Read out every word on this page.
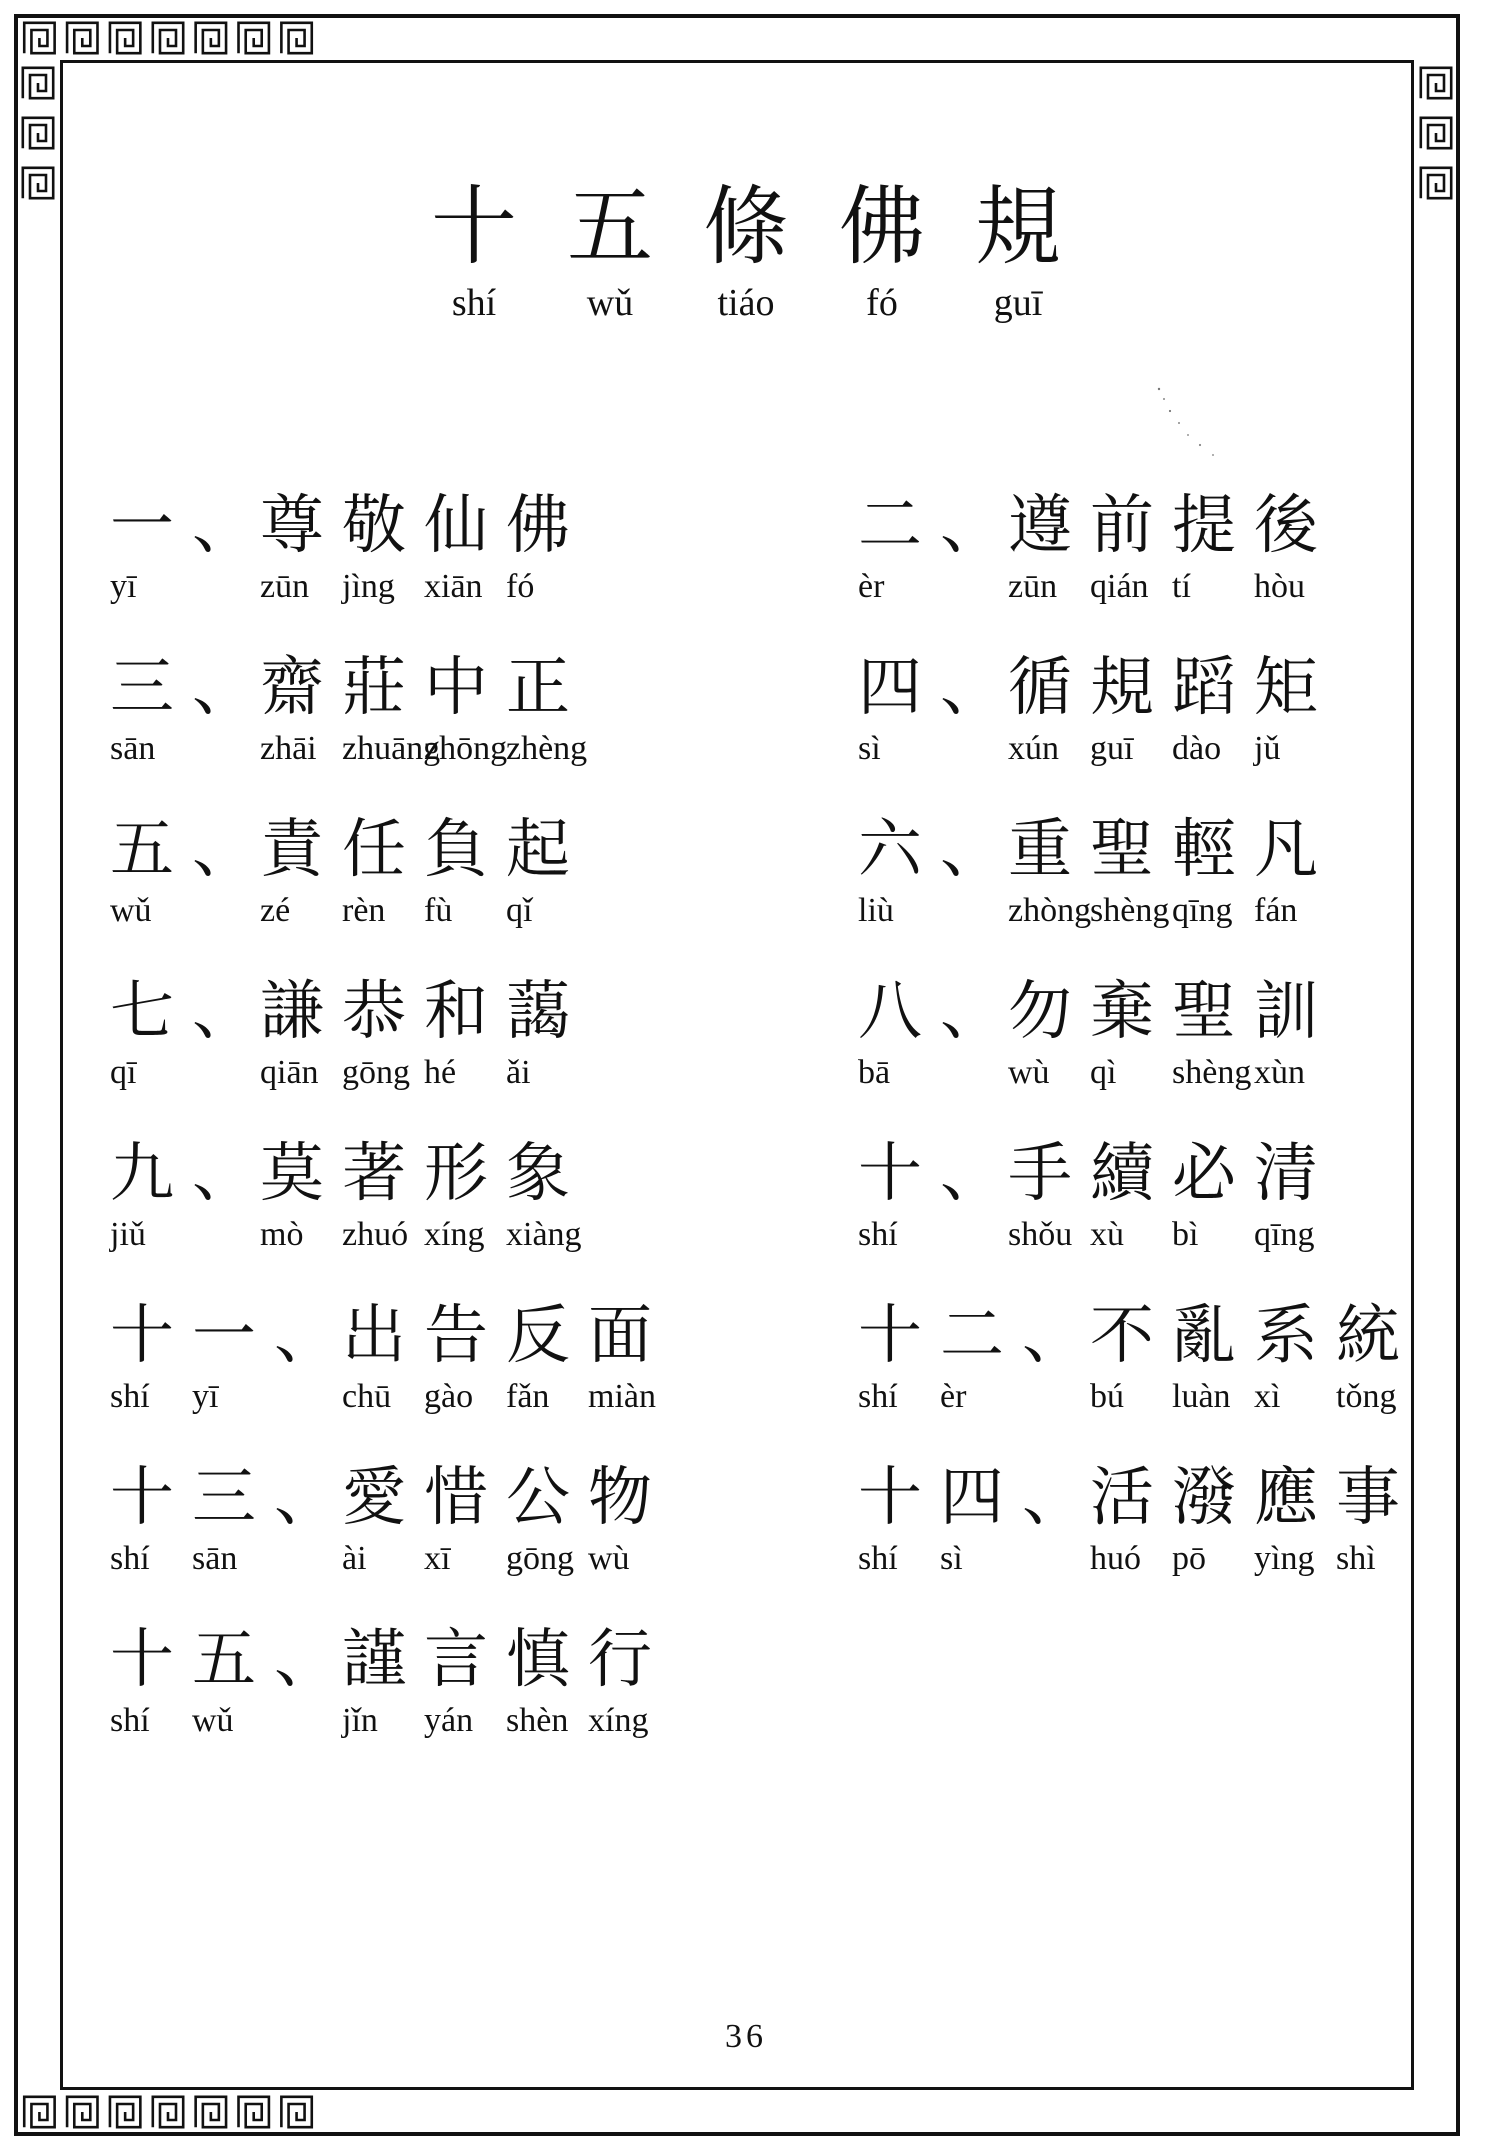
十 五 條 佛 規
shí	wǔ	tiáo	fó	guī
一 、 尊 敬 仙 佛
yī	zūn jìng xiān fó
二 、 遵 前 提 後
èr	zūn qián tí	hòu
三 、 齋 莊 中 正
sān	zhāi zhuāng
zhōng
zhèng
四 、 循 規 蹈 矩
sì	xún guī	dào jǔ
五 、 責 任 負 起
wǔ	zé	rèn	fù	qǐ
六 、 重 聖 輕 凡
liù	zhòng
shèng qīng fán
七 、 謙 恭 和 藹
qī	qiān gōng hé	ǎi
八 、 勿 棄 聖 訓
bā	wù	qì	shèng xùn
九 、 莫 著 形 象
jiǔ	mò	zhuó xíng xiàng
十 、 手 續 必 清
shí	shǒu xù	bì	qīng
十 一 、 出 告 反 面
shí	yī	chū gào fǎn	miàn
十 二 、 不 亂 系 統
shí	èr	bú	luàn xì	tǒng
十 三 、 愛 惜 公 物
shí	sān	ài	xī	gōng wù
十 四 、 活 潑 應 事
shí	sì	huó pō	yìng shì
十 五 、 謹 言 慎 行
shí	wǔ	jǐn	yán shèn xíng
36
